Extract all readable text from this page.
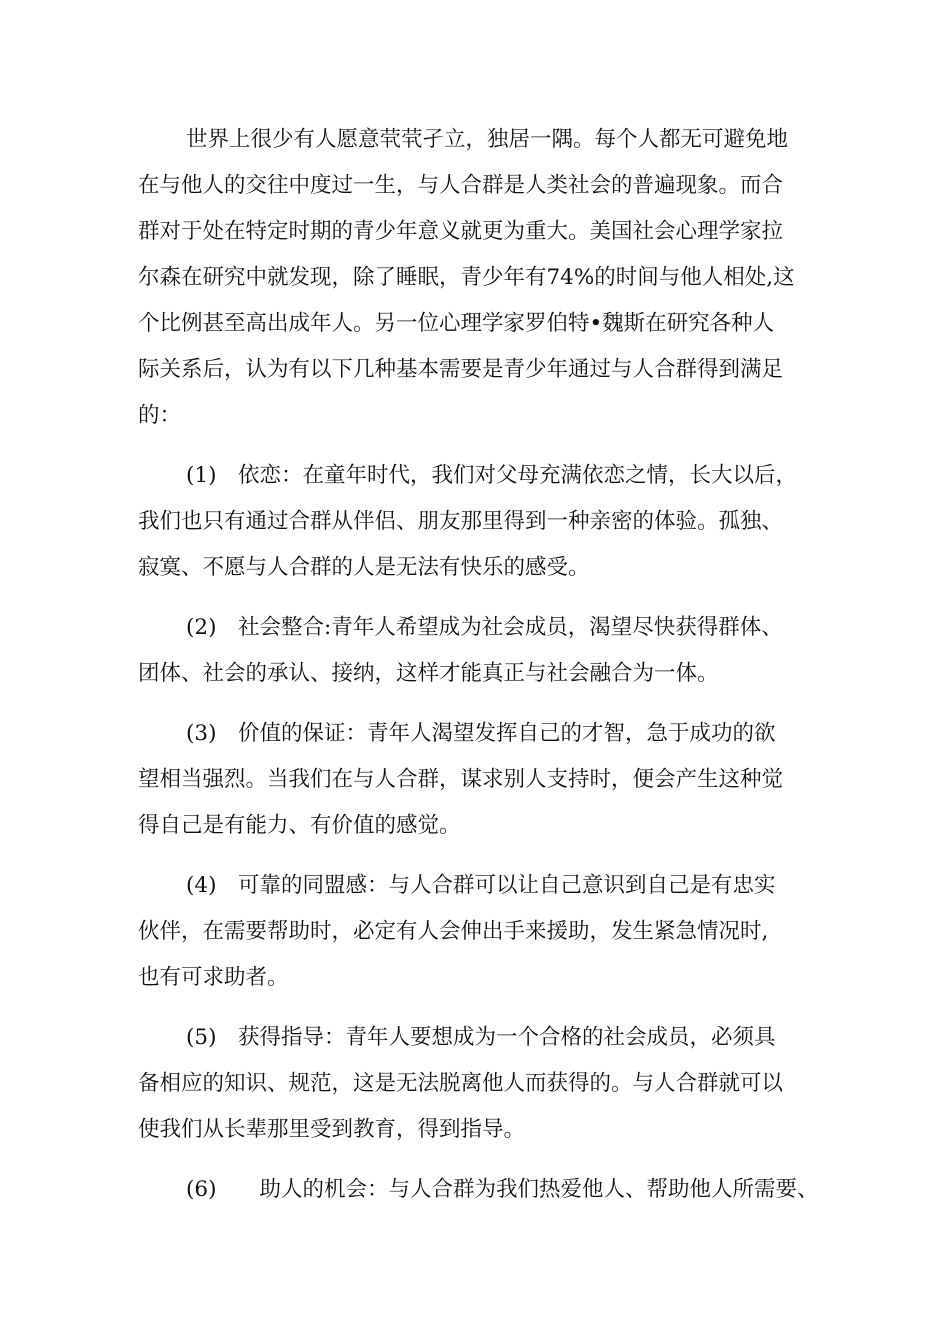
世界上很少有人愿意茕茕孑立，独居一隅。每个人都无可避免地
在与他人的交往中度过一生，与人合群是人类社会的普遍现象。而合
群对于处在特定时期的青少年意义就更为重大。美国社会心理学家拉
尔森在研究中就发现，除了睡眠，青少年有74%的时间与他人相处,这
个比例甚至高出成年人。另一位心理学家罗伯特•魏斯在研究各种人
际关系后，认为有以下几种基本需要是青少年通过与人合群得到满足
的：
(1)　依恋：在童年时代，我们对父母充满依恋之情，长大以后，
我们也只有通过合群从伴侣、朋友那里得到一种亲密的体验。孤独、
寂寞、不愿与人合群的人是无法有快乐的感受。
(2)　社会整合:青年人希望成为社会成员，渴望尽快获得群体、
团体、社会的承认、接纳，这样才能真正与社会融合为一体。
(3)　价值的保证：青年人渴望发挥自己的才智，急于成功的欲
望相当强烈。当我们在与人合群，谋求别人支持时，便会产生这种觉
得自己是有能力、有价值的感觉。
(4)　可靠的同盟感：与人合群可以让自己意识到自己是有忠实
伙伴，在需要帮助时，必定有人会伸出手来援助，发生紧急情况时,
也有可求助者。
(5)　获得指导：青年人要想成为一个合格的社会成员，必须具
备相应的知识、规范，这是无法脱离他人而获得的。与人合群就可以
使我们从长辈那里受到教育，得到指导。
(6)　　助人的机会：与人合群为我们热爱他人、帮助他人所需要、
